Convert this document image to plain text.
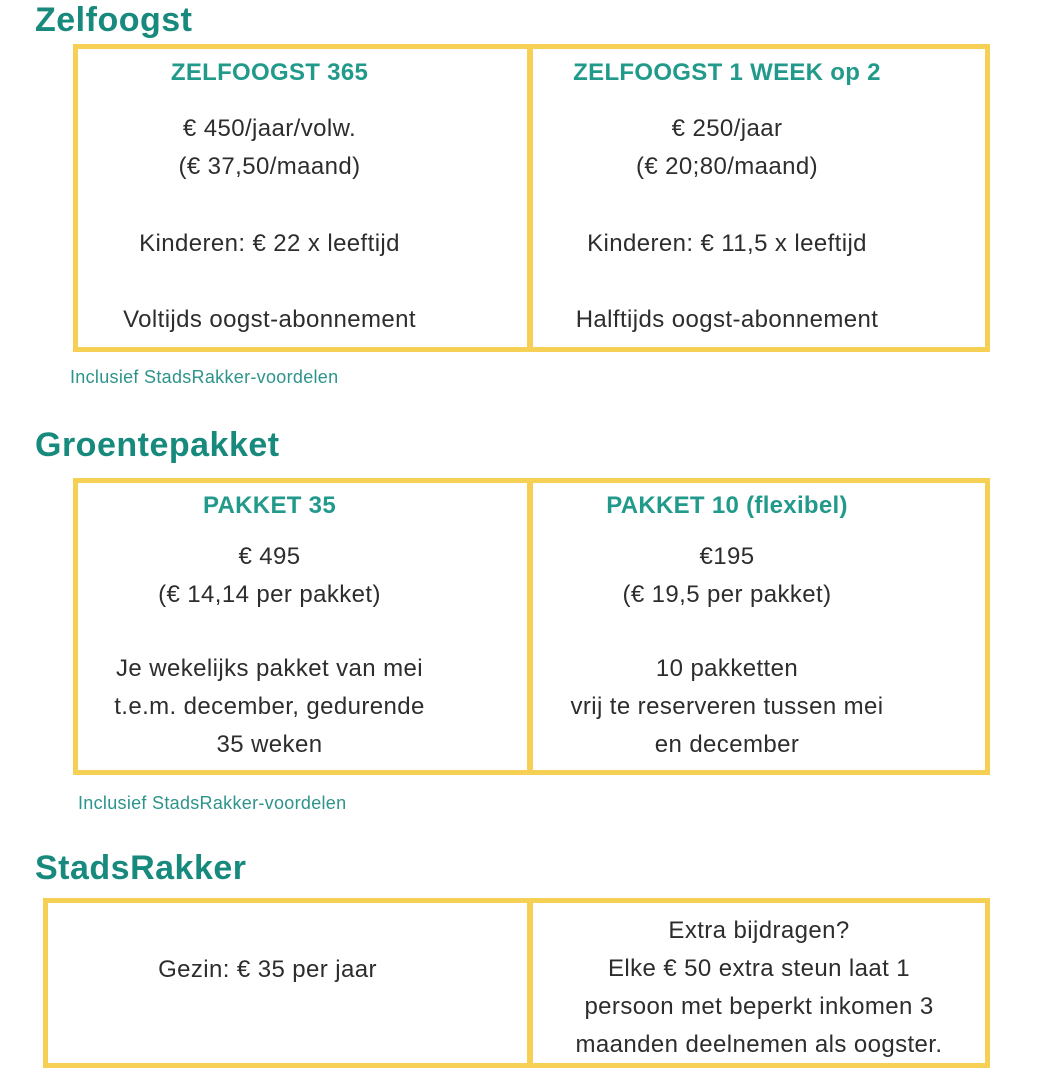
Zelfoogst
ZELFOOGST 365
€ 450/jaar/volw.
(€ 37,50/maand)
Kinderen: € 22 x leeftijd
Voltijds oogst-abonnement
ZELFOOGST 1 WEEK op 2
€ 250/jaar
(€ 20;80/maand)
Kinderen: € 11,5 x leeftijd
Halftijds oogst-abonnement
Inclusief StadsRakker-voordelen
Groentepakket
PAKKET 35
€ 495
(€ 14,14 per pakket)
Je wekelijks pakket van mei
t.e.m. december, gedurende
35 weken
PAKKET 10 (flexibel)
€195
(€ 19,5 per pakket)
10 pakketten
vrij te reserveren tussen mei
en december
Inclusief StadsRakker-voordelen
StadsRakker
Gezin: € 35 per jaar
Extra bijdragen?
Elke € 50 extra steun laat 1
persoon met beperkt inkomen 3
maanden deelnemen als oogster.
